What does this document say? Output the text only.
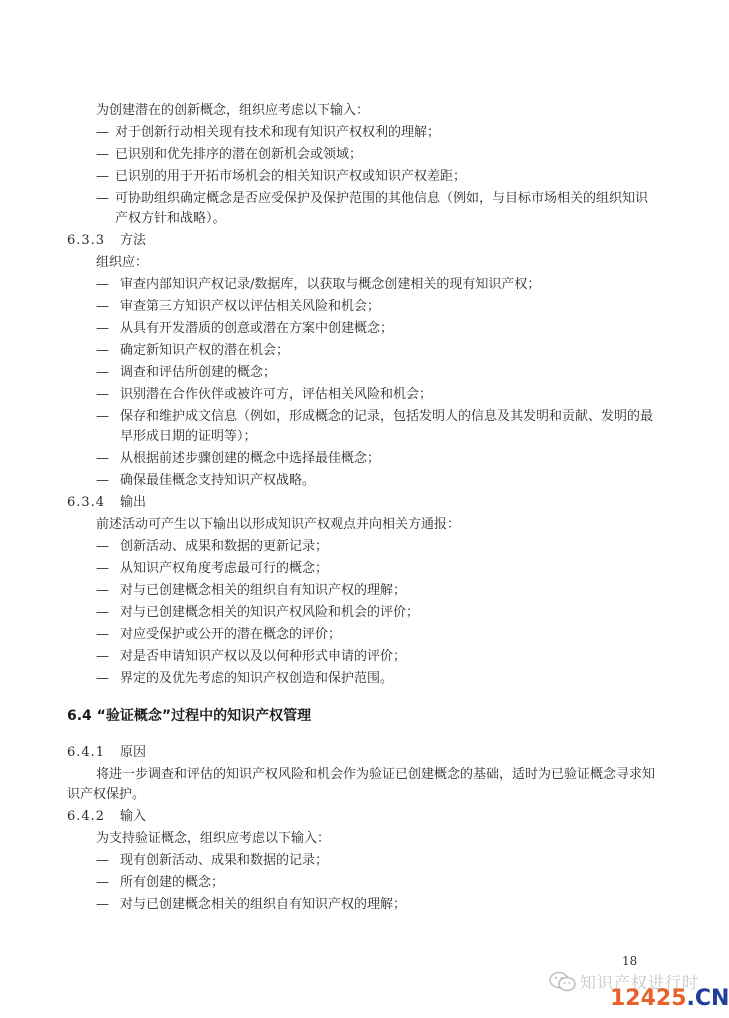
为创建潜在的创新概念，组织应考虑以下输入：
— 对于创新行动相关现有技术和现有知识产权权利的理解；
— 已识别和优先排序的潜在创新机会或领域；
— 已识别的用于开拓市场机会的相关知识产权或知识产权差距；
— 可协助组织确定概念是否应受保护及保护范围的其他信息（例如，与目标市场相关的组织知识
产权方针和战略）。
6.3.3 方法
组织应：
— 审查内部知识产权记录/数据库，以获取与概念创建相关的现有知识产权；
— 审查第三方知识产权以评估相关风险和机会；
— 从具有开发潜质的创意或潜在方案中创建概念；
— 确定新知识产权的潜在机会；
— 调查和评估所创建的概念；
— 识别潜在合作伙伴或被许可方，评估相关风险和机会；
— 保存和维护成文信息（例如，形成概念的记录，包括发明人的信息及其发明和贡献、发明的最
早形成日期的证明等）；
— 从根据前述步骤创建的概念中选择最佳概念；
— 确保最佳概念支持知识产权战略。
6.3.4 输出
前述活动可产生以下输出以形成知识产权观点并向相关方通报：
— 创新活动、成果和数据的更新记录；
— 从知识产权角度考虑最可行的概念；
— 对与已创建概念相关的组织自有知识产权的理解；
— 对与已创建概念相关的知识产权风险和机会的评价；
— 对应受保护或公开的潜在概念的评价；
— 对是否申请知识产权以及以何种形式申请的评价；
— 界定的及优先考虑的知识产权创造和保护范围。
6.4 “验证概念”过程中的知识产权管理
6.4.1 原因
将进一步调查和评估的知识产权风险和机会作为验证已创建概念的基础，适时为已验证概念寻求知
识产权保护。
6.4.2 输入
为支持验证概念，组织应考虑以下输入：
— 现有创新活动、成果和数据的记录；
— 所有创建的概念；
— 对与已创建概念相关的组织自有知识产权的理解；
18
知识产权进行时
12425.CN
